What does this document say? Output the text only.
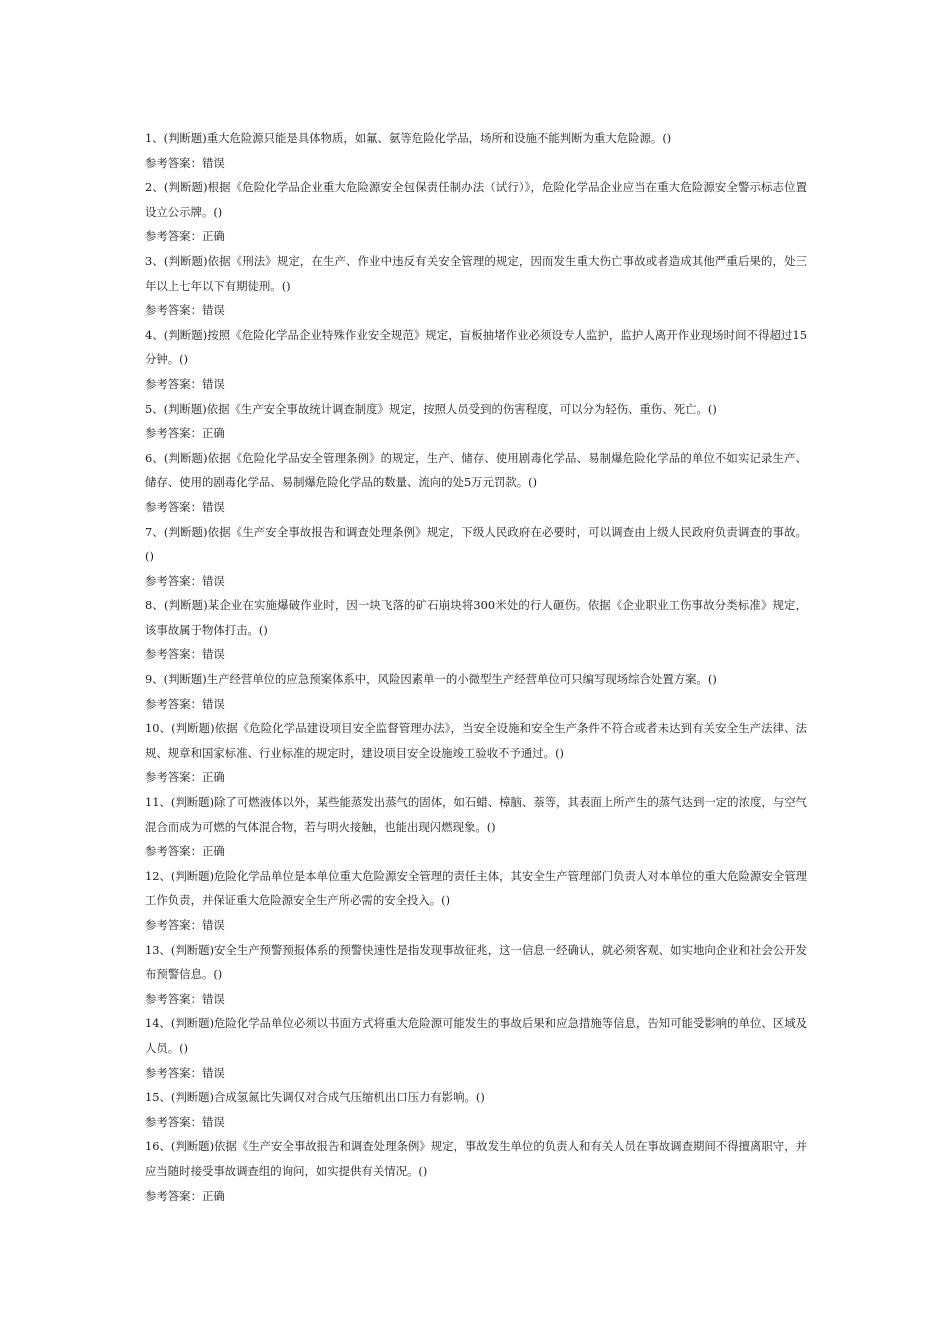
1、(判断题)重大危险源只能是具体物质，如氟、氨等危险化学品，场所和设施不能判断为重大危险源。()

参考答案：错误

2、(判断题)根据《危险化学品企业重大危险源安全包保责任制办法（试行）》，危险化学品企业应当在重大危险源安全警示标志位置设立公示牌。()

参考答案：正确

3、(判断题)依据《刑法》规定，在生产、作业中违反有关安全管理的规定，因而发生重大伤亡事故或者造成其他严重后果的，处三年以上七年以下有期徒刑。()

参考答案：错误

4、(判断题)按照《危险化学品企业特殊作业安全规范》规定，盲板抽堵作业必须设专人监护，监护人离开作业现场时间不得超过15分钟。()

参考答案：错误

5、(判断题)依据《生产安全事故统计调查制度》规定，按照人员受到的伤害程度，可以分为轻伤、重伤、死亡。()

参考答案：正确

6、(判断题)依据《危险化学品安全管理条例》的规定，生产、储存、使用剧毒化学品、易制爆危险化学品的单位不如实记录生产、储存、使用的剧毒化学品、易制爆危险化学品的数量、流向的处5万元罚款。()

参考答案：错误

7、(判断题)依据《生产安全事故报告和调查处理条例》规定，下级人民政府在必要时，可以调查由上级人民政府负责调查的事故。()

参考答案：错误

8、(判断题)某企业在实施爆破作业时，因一块飞落的矿石崩块将300米处的行人砸伤。依据《企业职业工伤事故分类标准》规定，该事故属于物体打击。()

参考答案：错误

9、(判断题)生产经营单位的应急预案体系中，风险因素单一的小微型生产经营单位可只编写现场综合处置方案。()

参考答案：错误

10、(判断题)依据《危险化学品建设项目安全监督管理办法》，当安全设施和安全生产条件不符合或者未达到有关安全生产法律、法规、规章和国家标准、行业标准的规定时，建设项目安全设施竣工验收不予通过。()

参考答案：正确

11、(判断题)除了可燃液体以外，某些能蒸发出蒸气的固体，如石蜡、樟脑、萘等，其表面上所产生的蒸气达到一定的浓度，与空气混合而成为可燃的气体混合物，若与明火接触，也能出现闪燃现象。()

参考答案：正确

12、(判断题)危险化学品单位是本单位重大危险源安全管理的责任主体，其安全生产管理部门负责人对本单位的重大危险源安全管理工作负责，并保证重大危险源安全生产所必需的安全投入。()

参考答案：错误

13、(判断题)安全生产预警预报体系的预警快速性是指发现事故征兆，这一信息一经确认，就必须客观、如实地向企业和社会公开发布预警信息。()

参考答案：错误

14、(判断题)危险化学品单位必须以书面方式将重大危险源可能发生的事故后果和应急措施等信息，告知可能受影响的单位、区域及人员。()

参考答案：错误

15、(判断题)合成氢氮比失调仅对合成气压缩机出口压力有影响。()

参考答案：错误

16、(判断题)依据《生产安全事故报告和调查处理条例》规定，事故发生单位的负责人和有关人员在事故调查期间不得擅离职守，并应当随时接受事故调查组的询问，如实提供有关情况。()

参考答案：正确
